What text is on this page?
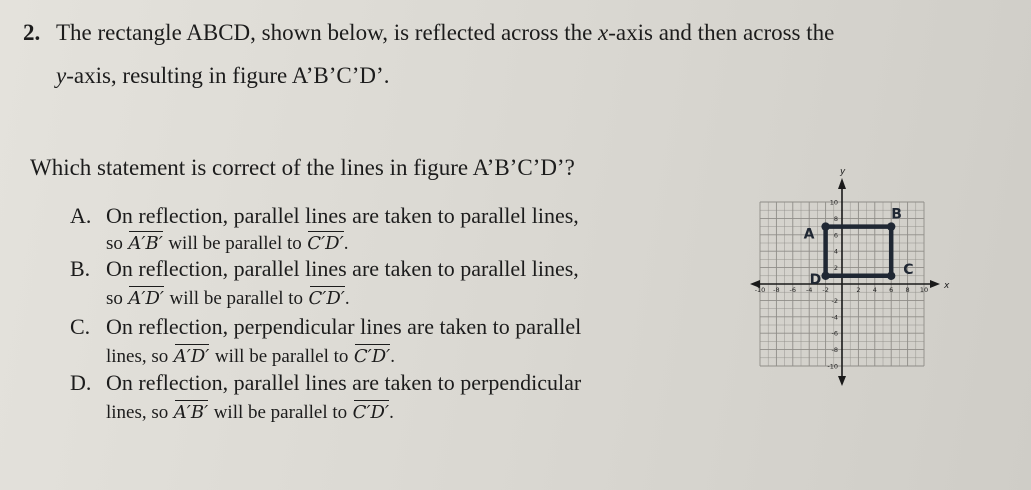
2. The rectangle ABCD, shown below, is reflected across the x-axis and then across the
y-axis, resulting in figure A’B’C’D’.
Which statement is correct of the lines in figure A’B’C’D’?
A. On reflection, parallel lines are taken to parallel lines,
so A′B′ will be parallel to C′D′.
B. On reflection, parallel lines are taken to parallel lines,
so A′D′ will be parallel to C′D′.
C. On reflection, perpendicular lines are taken to parallel
lines, so A′D′ will be parallel to C′D′.
D. On reflection, parallel lines are taken to perpendicular
lines, so A′B′ will be parallel to C′D′.
x
y
-10 -8 -6 -4 -2	2 4 6 8 10
10
8
6
4
2
-2
-4
-6
-8
-10
A
B
C
D
